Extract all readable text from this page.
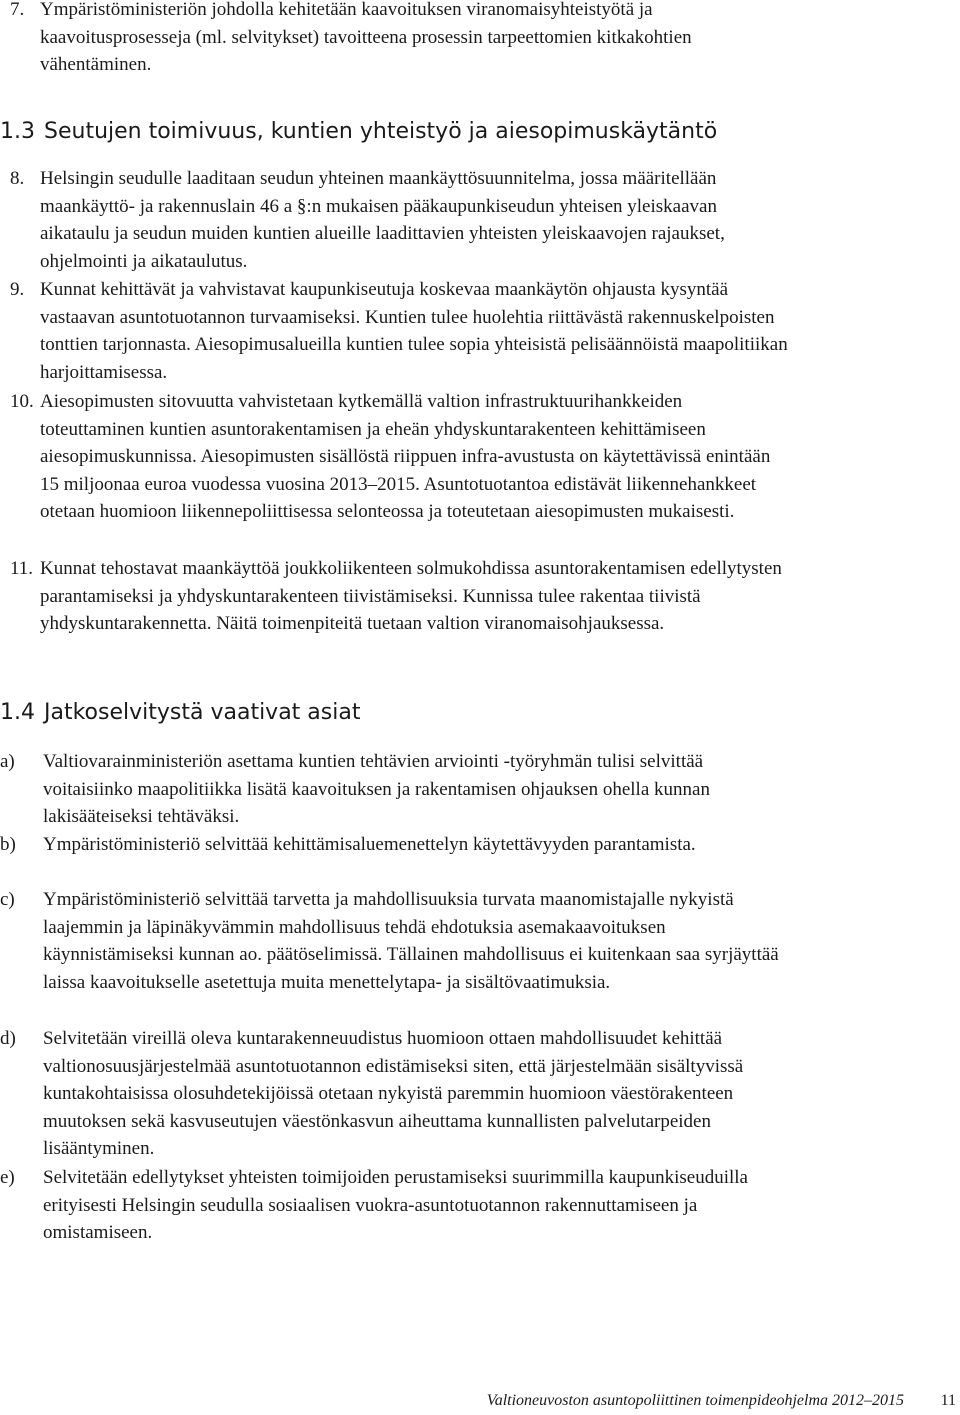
7. Ympäristöministeriön johdolla kehitetään kaavoituksen viranomaisyhteistyötä ja kaavoitusprosesseja (ml. selvitykset) tavoitteena prosessin tarpeettomien kitkakohtien vähentäminen.
1.3 Seutujen toimivuus, kuntien yhteistyö ja aiesopimuskäytäntö
8. Helsingin seudulle laaditaan seudun yhteinen maankäyttösuunnitelma, jossa määritellään maankäyttö- ja rakennuslain 46 a §:n mukaisen pääkaupunkiseudun yhteisen yleiskaavan aikataulu ja seudun muiden kuntien alueille laadittavien yhteisten yleiskaavojen rajaukset, ohjelmointi ja aikataulutus.
9. Kunnat kehittävät ja vahvistavat kaupunkiseutuja koskevaa maankäytön ohjausta kysyntää vastaavan asuntotuotannon turvaamiseksi. Kuntien tulee huolehtia riittävästä rakennuskelpoisten tonttien tarjonnasta. Aiesopimusalueilla kuntien tulee sopia yhteisistä pelisäännöistä maapolitiikan harjoittamisessa.
10. Aiesopimusten sitovuutta vahvistetaan kytkemällä valtion infrastruktuurihankkeiden toteuttaminen kuntien asuntorakentamisen ja eheän yhdyskuntarakenteen kehittämiseen aiesopimuskunnissa. Aiesopimusten sisällöstä riippuen infra-avustusta on käytettävissä enintään 15 miljoonaa euroa vuodessa vuosina 2013–2015. Asuntotuotantoa edistävät liikennehankkeet otetaan huomioon liikennepoliittisessa selonteossa ja toteutetaan aiesopimusten mukaisesti.
11. Kunnat tehostavat maankäyttöä joukkoliikenteen solmukohdissa asuntorakentamisen edellytysten parantamiseksi ja yhdyskuntarakenteen tiivistämiseksi. Kunnissa tulee rakentaa tiivistä yhdyskuntarakennetta. Näitä toimenpiteitä tuetaan valtion viranomaisohjauksessa.
1.4 Jatkoselvitystä vaativat asiat
a) Valtiovarainministeriön asettama kuntien tehtävien arviointi -työryhmän tulisi selvittää voitaisiinko maapolitiikka lisätä kaavoituksen ja rakentamisen ohjauksen ohella kunnan lakisääteiseksi tehtäväksi.
b) Ympäristöministeriö selvittää kehittämisaluemenettelyn käytettävyyden parantamista.
c) Ympäristöministeriö selvittää tarvetta ja mahdollisuuksia turvata maanomistajalle nykyistä laajemmin ja läpinäkyvämmin mahdollisuus tehdä ehdotuksia asemakaavoituksen käynnistämiseksi kunnan ao. päätöselimissä. Tällainen mahdollisuus ei kuitenkaan saa syrjäyttää laissa kaavoitukselle asetettuja muita menettelytapa- ja sisältövaatimuksia.
d) Selvitetään vireillä oleva kuntarakenneuudistus huomioon ottaen mahdollisuudet kehittää valtionosuusjärjestelmää asuntotuotannon edistämiseksi siten, että järjestelmään sisältyvissä kuntakohtaisissa olosuhdetekijöissä otetaan nykyistä paremmin huomioon väestörakenteen muutoksen sekä kasvuseutujen väestönkasvun aiheuttama kunnallisten palvelutarpeiden lisääntyminen.
e) Selvitetään edellytykset yhteisten toimijoiden perustamiseksi suurimmilla kaupunkiseuduilla erityisesti Helsingin seudulla sosiaalisen vuokra-asuntotuotannon rakennuttamiseen ja omistamiseen.
Valtioneuvoston asuntopoliittinen toimenpideohjelma 2012–2015 11
